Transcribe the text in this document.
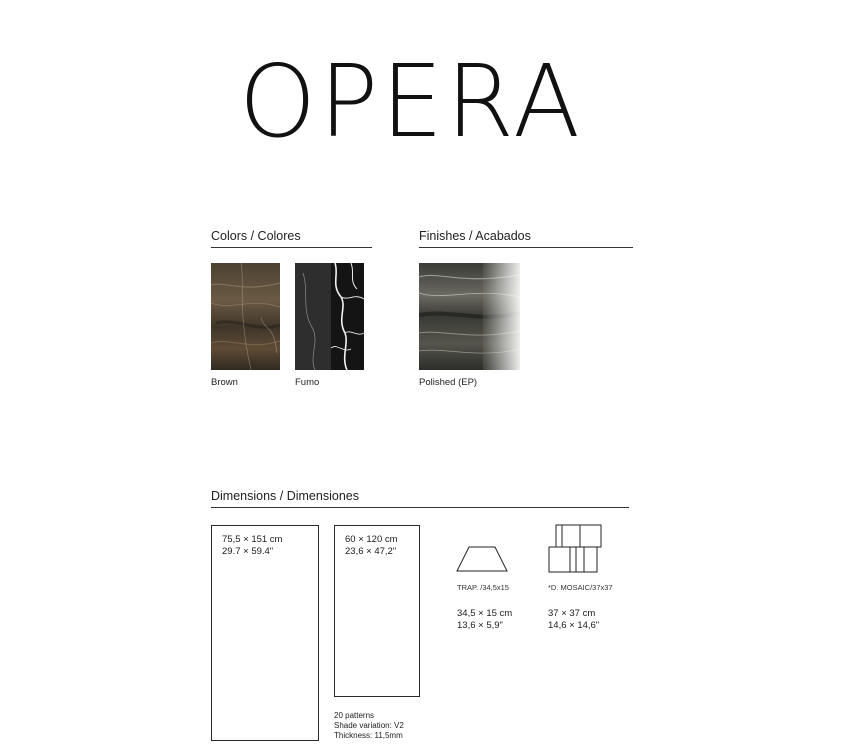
OPERA
Colors / Colores
Brown	Fumo
Finishes / Acabados
Polished (EP)
Dimensions / Dimensiones
75,5 × 151 cm
29.7 × 59.4"
60 × 120 cm
23,6 × 47,2"
20 patterns
Shade variation: V2
Thickness: 11,5mm
TRAP. /34,5x15
34,5 × 15 cm
13,6 × 5,9"
*D. MOSAIC/37x37
37 × 37 cm
14,6 × 14,6"
